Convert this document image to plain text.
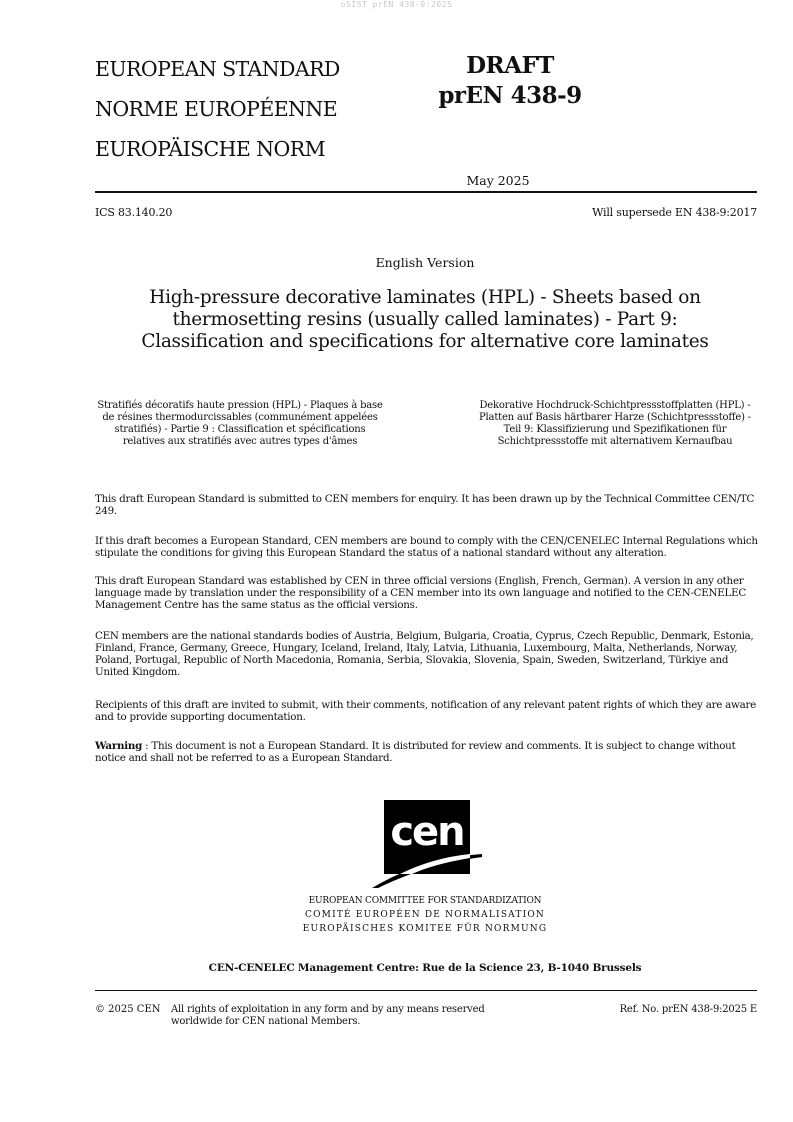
oSIST prEN 438-9:2025
EUROPEAN STANDARD
NORME EUROPÉENNE
EUROPÄISCHE NORM
DRAFT
prEN 438-9
May 2025
ICS 83.140.20	Will supersede EN 438-9:2017
English Version
High-pressure decorative laminates (HPL) - Sheets based on thermosetting resins (usually called laminates) - Part 9: Classification and specifications for alternative core laminates
Stratifiés décoratifs haute pression (HPL) - Plaques à base de résines thermodurcissables (communément appelées stratifiés) - Partie 9 : Classification et spécifications relatives aux stratifiés avec autres types d'âmes
Dekorative Hochdruck-Schichtpressstoffplatten (HPL) - Platten auf Basis härtbarer Harze (Schichtpressstoffe) - Teil 9: Klassifizierung und Spezifikationen für Schichtpressstoffe mit alternativem Kernaufbau
This draft European Standard is submitted to CEN members for enquiry. It has been drawn up by the Technical Committee CEN/TC 249.
If this draft becomes a European Standard, CEN members are bound to comply with the CEN/CENELEC Internal Regulations which stipulate the conditions for giving this European Standard the status of a national standard without any alteration.
This draft European Standard was established by CEN in three official versions (English, French, German). A version in any other language made by translation under the responsibility of a CEN member into its own language and notified to the CEN-CENELEC Management Centre has the same status as the official versions.
CEN members are the national standards bodies of Austria, Belgium, Bulgaria, Croatia, Cyprus, Czech Republic, Denmark, Estonia, Finland, France, Germany, Greece, Hungary, Iceland, Ireland, Italy, Latvia, Lithuania, Luxembourg, Malta, Netherlands, Norway, Poland, Portugal, Republic of North Macedonia, Romania, Serbia, Slovakia, Slovenia, Spain, Sweden, Switzerland, Türkiye and United Kingdom.
Recipients of this draft are invited to submit, with their comments, notification of any relevant patent rights of which they are aware and to provide supporting documentation.
Warning : This document is not a European Standard. It is distributed for review and comments. It is subject to change without notice and shall not be referred to as a European Standard.
cen
EUROPEAN COMMITTEE FOR STANDARDIZATION
COMITÉ EUROPÉEN DE NORMALISATION
EUROPÄISCHES KOMITEE FÜR NORMUNG
CEN-CENELEC Management Centre: Rue de la Science 23, B-1040 Brussels
© 2025 CEN All rights of exploitation in any form and by any means reserved worldwide for CEN national Members.
Ref. No. prEN 438-9:2025 E
